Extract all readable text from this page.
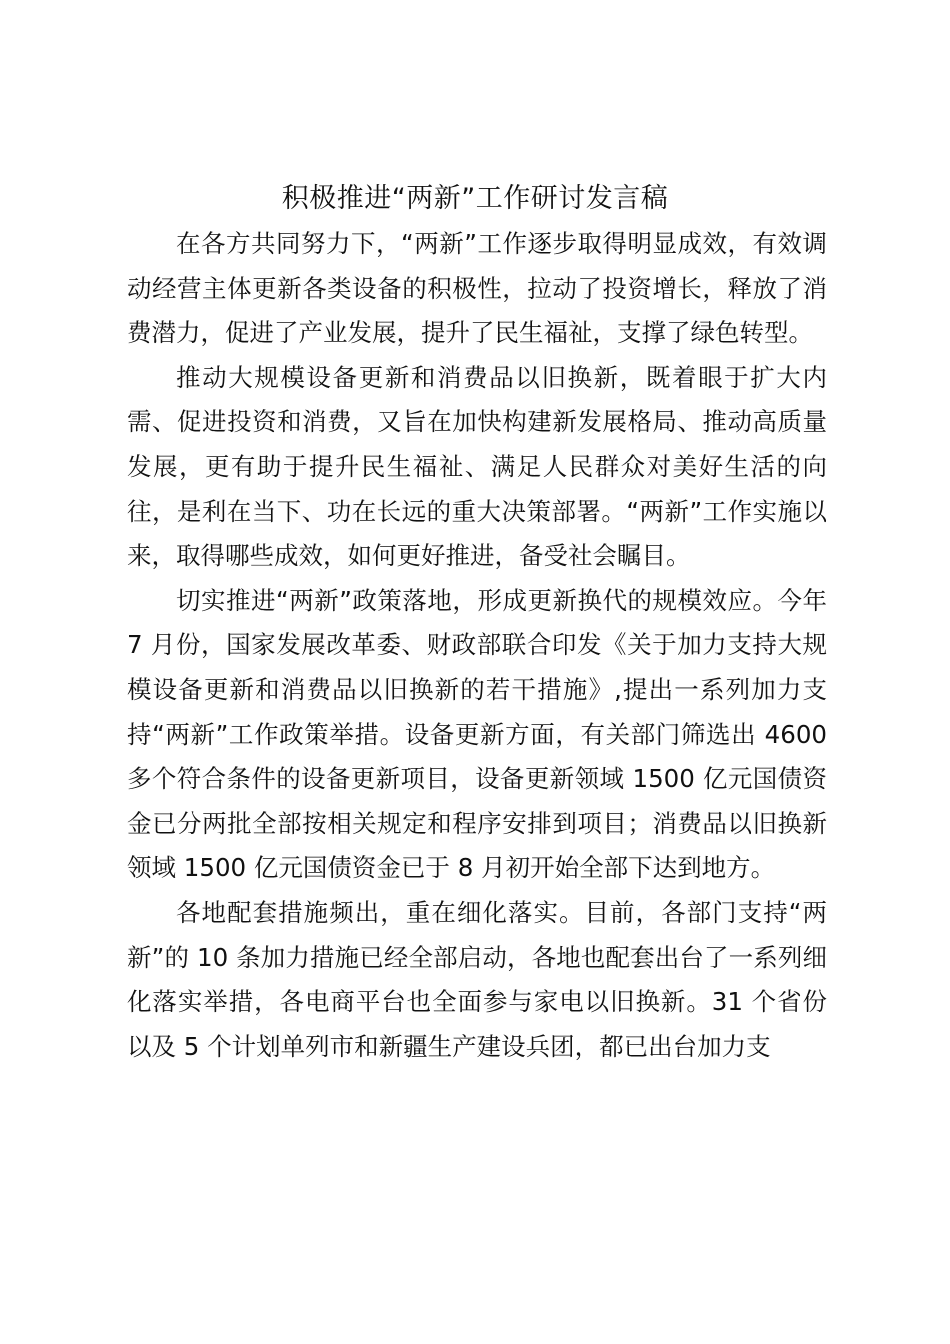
积极推进“两新”工作研讨发言稿

在各方共同努力下，“两新”工作逐步取得明显成效，有效调动经营主体更新各类设备的积极性，拉动了投资增长，释放了消费潜力，促进了产业发展，提升了民生福祉，支撑了绿色转型。

推动大规模设备更新和消费品以旧换新，既着眼于扩大内需、促进投资和消费，又旨在加快构建新发展格局、推动高质量发展，更有助于提升民生福祉、满足人民群众对美好生活的向往，是利在当下、功在长远的重大决策部署。“两新”工作实施以来，取得哪些成效，如何更好推进，备受社会瞩目。

切实推进“两新”政策落地，形成更新换代的规模效应。今年 7 月份，国家发展改革委、财政部联合印发《关于加力支持大规模设备更新和消费品以旧换新的若干措施》,提出一系列加力支持“两新”工作政策举措。设备更新方面，有关部门筛选出 4600 多个符合条件的设备更新项目，设备更新领域 1500 亿元国债资金已分两批全部按相关规定和程序安排到项目；消费品以旧换新领域 1500 亿元国债资金已于 8 月初开始全部下达到地方。

各地配套措施频出，重在细化落实。目前，各部门支持“两新”的 10 条加力措施已经全部启动，各地也配套出台了一系列细化落实举措，各电商平台也全面参与家电以旧换新。31 个省份以及 5 个计划单列市和新疆生产建设兵团，都已出台加力支
